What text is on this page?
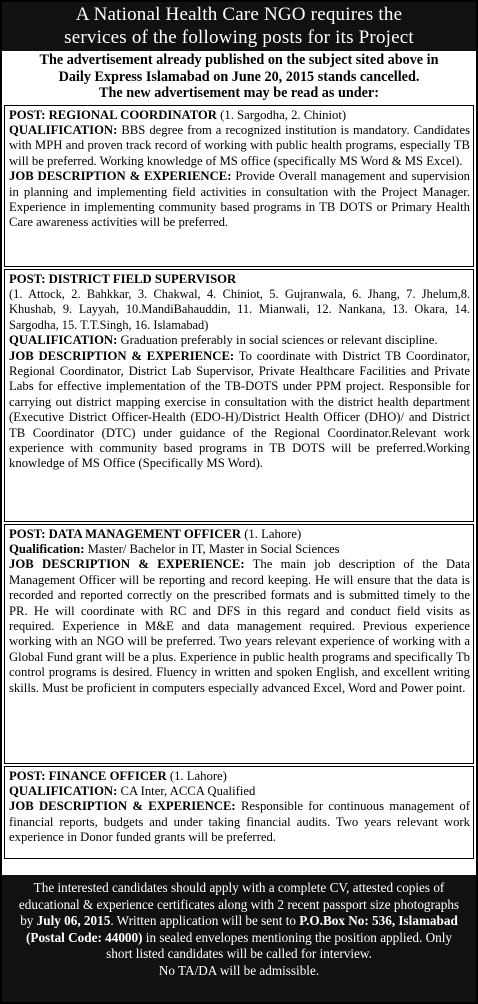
A National Health Care NGO requires the
services of the following posts for its Project
The advertisement already published on the subject sited above in
Daily Express Islamabad on June 20, 2015 stands cancelled.
The new advertisement may be read as under:
POST: REGIONAL COORDINATOR (1. Sargodha, 2. Chiniot)
QUALIFICATION: BBS degree from a recognized institution is mandatory. Candidates with MPH and proven track record of working with public health programs, especially TB will be preferred. Working knowledge of MS office (specifically MS Word & MS Excel).
JOB DESCRIPTION & EXPERIENCE: Provide Overall management and supervision in planning and implementing field activities in consultation with the Project Manager. Experience in implementing community based programs in TB DOTS or Primary Health Care awareness activities will be preferred.
POST: DISTRICT FIELD SUPERVISOR
(1. Attock, 2. Bahkkar, 3. Chakwal, 4. Chiniot, 5. Gujranwala, 6. Jhang, 7. Jhelum,8. Khushab, 9. Layyah, 10.MandiBahauddin, 11. Mianwali, 12. Nankana, 13. Okara, 14. Sargodha, 15. T.T.Singh, 16. Islamabad)
QUALIFICATION: Graduation preferably in social sciences or relevant discipline.
JOB DESCRIPTION & EXPERIENCE: To coordinate with District TB Coordinator, Regional Coordinator, District Lab Supervisor, Private Healthcare Facilities and Private Labs for effective implementation of the TB-DOTS under PPM project. Responsible for carrying out district mapping exercise in consultation with the district health department (Executive District Officer-Health (EDO-H)/District Health Officer (DHO)/ and District TB Coordinator (DTC) under guidance of the Regional Coordinator.Relevant work experience with community based programs in TB DOTS will be preferred.Working knowledge of MS Office (Specifically MS Word).
POST: DATA MANAGEMENT OFFICER (1. Lahore)
Qualification: Master/ Bachelor in IT, Master in Social Sciences
JOB DESCRIPTION & EXPERIENCE: The main job description of the Data Management Officer will be reporting and record keeping. He will ensure that the data is recorded and reported correctly on the prescribed formats and is submitted timely to the PR. He will coordinate with RC and DFS in this regard and conduct field visits as required. Experience in M&E and data management required. Previous experience working with an NGO will be preferred. Two years relevant experience of working with a Global Fund grant will be a plus. Experience in public health programs and specifically Tb control programs is desired. Fluency in written and spoken English, and excellent writing skills. Must be proficient in computers especially advanced Excel, Word and Power point.
POST: FINANCE OFFICER (1. Lahore)
QUALIFICATION: CA Inter, ACCA Qualified
JOB DESCRIPTION & EXPERIENCE: Responsible for continuous management of financial reports, budgets and under taking financial audits. Two years relevant work experience in Donor funded grants will be preferred.
The interested candidates should apply with a complete CV, attested copies of educational & experience certificates along with 2 recent passport size photographs by July 06, 2015. Written application will be sent to P.O.Box No: 536, Islamabad (Postal Code: 44000) in sealed envelopes mentioning the position applied. Only short listed candidates will be called for interview.
No TA/DA will be admissible.
